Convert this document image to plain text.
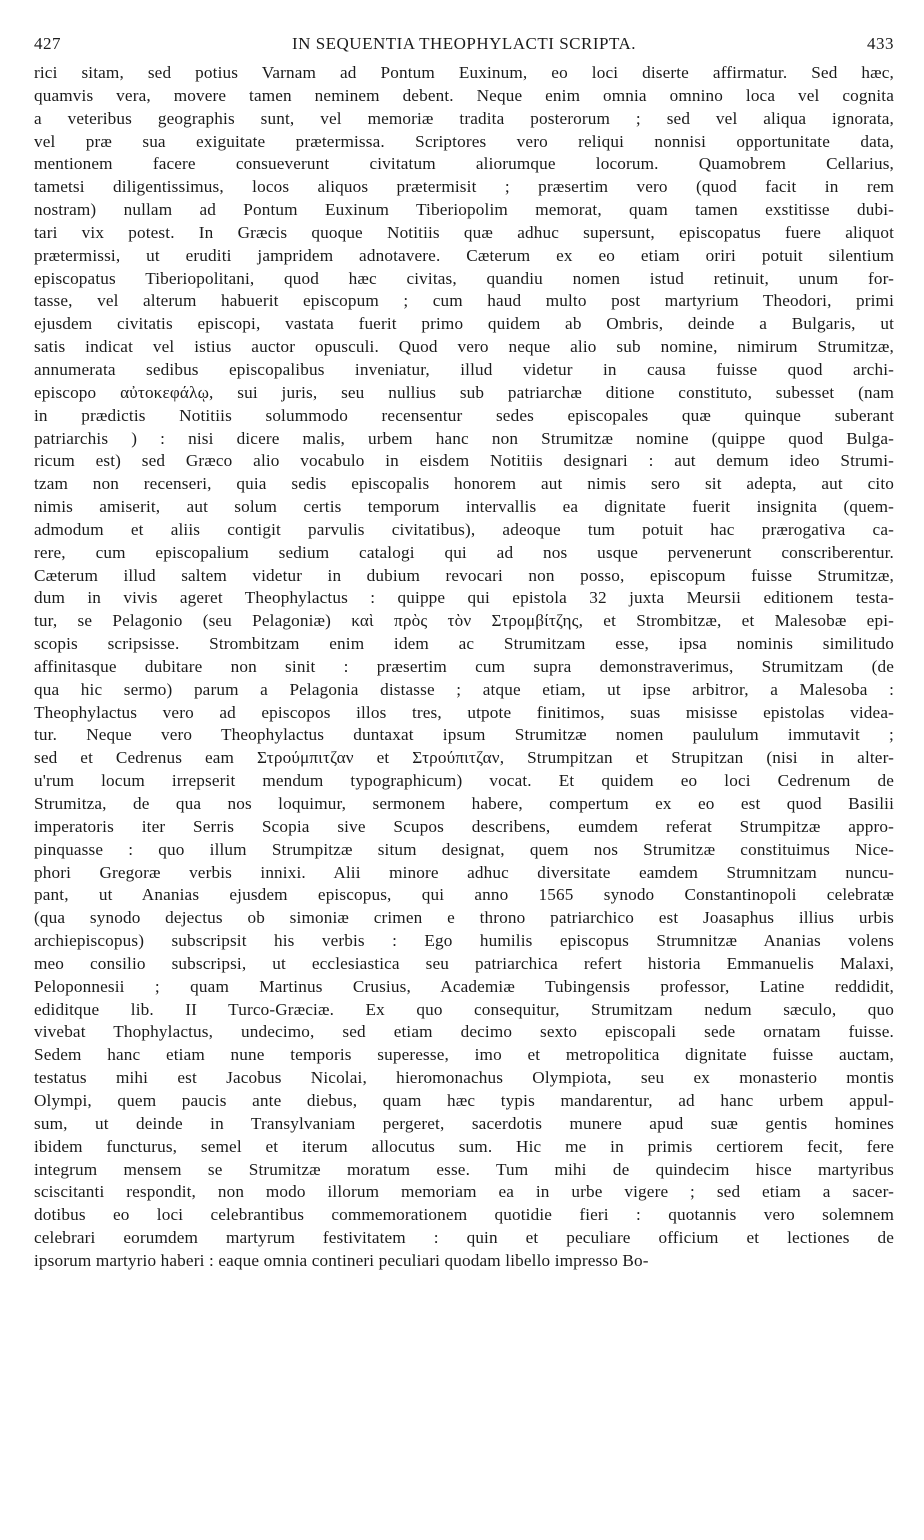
427	IN SEQUENTIA THEOPHYLACTI SCRIPTA.	433
rici sitam, sed potius Varnam ad Pontum Euxinum, eo loci diserte affirmatur. Sed hæc,
quamvis vera, movere tamen neminem debent. Neque enim omnia omnino loca vel cognita
a veteribus geographis sunt, vel memoriæ tradita posterorum ; sed vel aliqua ignorata,
vel præ sua exiguitate prætermissa. Scriptores vero reliqui nonnisi opportunitate data,
mentionem facere consueverunt civitatum aliorumque locorum. Quamobrem Cellarius,
tametsi diligentissimus, locos aliquos prætermisit ; præsertim vero (quod facit in rem
nostram) nullam ad Pontum Euxinum Tiberiopolim memorat, quam tamen exstitisse dubi-
tari vix potest. In Græcis quoque Notitiis quæ adhuc supersunt, episcopatus fuere aliquot
prætermissi, ut eruditi jampridem adnotavere. Cæterum ex eo etiam oriri potuit silentium
episcopatus Tiberiopolitani, quod hæc civitas, quandiu nomen istud retinuit, unum for-
tasse, vel alterum habuerit episcopum ; cum haud multo post martyrium Theodori, primi
ejusdem civitatis episcopi, vastata fuerit primo quidem ab Ombris, deinde a Bulgaris, ut
satis indicat vel istius auctor opusculi. Quod vero neque alio sub nomine, nimirum Strumitzæ,
annumerata sedibus episcopalibus inveniatur, illud videtur in causa fuisse quod archi-
episcopo αὐτοκεφάλῳ, sui juris, seu nullius sub patriarchæ ditione constituto, subesset (nam
in prædictis Notitiis solummodo recensentur sedes episcopales quæ quinque suberant
patriarchis ) : nisi dicere malis, urbem hanc non Strumitzæ nomine (quippe quod Bulga-
ricum est) sed Græco alio vocabulo in eisdem Notitiis designari : aut demum ideo Strumi-
tzam non recenseri, quia sedis episcopalis honorem aut nimis sero sit adepta, aut cito
nimis amiserit, aut solum certis temporum intervallis ea dignitate fuerit insignita (quem-
admodum et aliis contigit parvulis civitatibus), adeoque tum potuit hac prærogativa ca-
rere, cum episcopalium sedium catalogi qui ad nos usque pervenerunt conscriberentur.
Cæterum illud saltem videtur in dubium revocari non posso, episcopum fuisse Strumitzæ,
dum in vivis ageret Theophylactus : quippe qui epistola 32 juxta Meursii editionem testa-
tur, se Pelagonio (seu Pelagoniæ) καὶ πρὸς τὸν Στρομβίτζης, et Strombitzæ, et Malesobæ epi-
scopis scripsisse. Strombitzam enim idem ac Strumitzam esse, ipsa nominis similitudo
affinitasque dubitare non sinit : præsertim cum supra demonstraverimus, Strumitzam (de
qua hic sermo) parum a Pelagonia distasse ; atque etiam, ut ipse arbitror, a Malesoba :
Theophylactus vero ad episcopos illos tres, utpote finitimos, suas misisse epistolas videa-
tur. Neque vero Theophylactus duntaxat ipsum Strumitzæ nomen paululum immutavit ;
sed et Cedrenus eam Στρούμπιτζαν et Στρούπιτζαν, Strumpitzan et Strupitzan (nisi in alter-
u'rum locum irrepserit mendum typographicum) vocat. Et quidem eo loci Cedrenum de
Strumitza, de qua nos loquimur, sermonem habere, compertum ex eo est quod Basilii
imperatoris iter Serris Scopia sive Scupos describens, eumdem referat Strumpitzæ appro-
pinquasse : quo illum Strumpitzæ situm designat, quem nos Strumitzæ constituimus Nice-
phori Gregoræ verbis innixi. Alii minore adhuc diversitate eamdem Strumnitzam nuncu-
pant, ut Ananias ejusdem episcopus, qui anno 1565 synodo Constantinopoli celebratæ
(qua synodo dejectus ob simoniæ crimen e throno patriarchico est Joasaphus illius urbis
archiepiscopus) subscripsit his verbis : Ego humilis episcopus Strumnitzæ Ananias volens
meo consilio subscripsi, ut ecclesiastica seu patriarchica refert historia Emmanuelis Malaxi,
Peloponnesii ; quam Martinus Crusius, Academiæ Tubingensis professor, Latine reddidit,
ediditque lib. II Turco-Græciæ. Ex quo consequitur, Strumitzam nedum sæculo, quo
vivebat Thophylactus, undecimo, sed etiam decimo sexto episcopali sede ornatam fuisse.
Sedem hanc etiam nune temporis superesse, imo et metropolitica dignitate fuisse auctam,
testatus mihi est Jacobus Nicolai, hieromonachus Olympiota, seu ex monasterio montis
Olympi, quem paucis ante diebus, quam hæc typis mandarentur, ad hanc urbem appul-
sum, ut deinde in Transylvaniam pergeret, sacerdotis munere apud suæ gentis homines
ibidem functurus, semel et iterum allocutus sum. Hic me in primis certiorem fecit, fere
integrum mensem se Strumitzæ moratum esse. Tum mihi de quindecim hisce martyribus
sciscitanti respondit, non modo illorum memoriam ea in urbe vigere ; sed etiam a sacer-
dotibus eo loci celebrantibus commemorationem quotidie fieri : quotannis vero solemnem
celebrari eorumdem martyrum festivitatem : quin et peculiare officium et lectiones de
ipsorum martyrio haberi : eaque omnia contineri peculiari quodam libello impresso Bo-
